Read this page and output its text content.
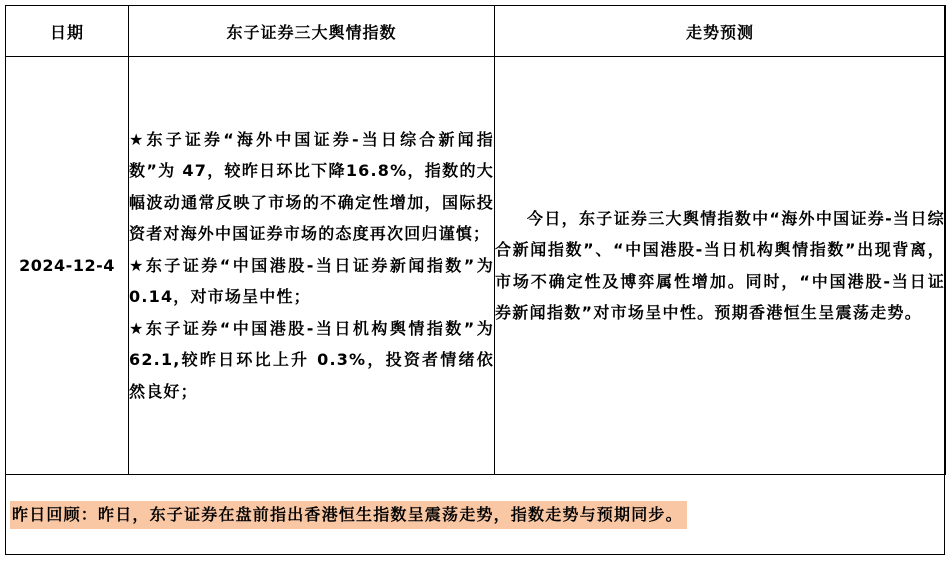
日期	东子证券三大舆情指数	走势预测
2024-12-4	★东子证券“海外中国证券-当日综合新闻指数”为 47，较昨日环比下降16.8%，指数的大幅波动通常反映了市场的不确定性增加，国际投资者对海外中国证券市场的态度再次回归谨慎；

★东子证券“中国港股-当日证券新闻指数”为 0.14，对市场呈中性；

★东子证券“中国港股-当日机构舆情指数”为 62.1,较昨日环比上升 0.3%，投资者情绪依然良好；	今日，东子证券三大舆情指数中“海外中国证券-当日综合新闻指数”、“中国港股-当日机构舆情指数”出现背离，市场不确定性及博弈属性增加。同时，“中国港股-当日证券新闻指数”对市场呈中性。预期香港恒生呈震荡走势。

昨日回顾：昨日，东子证券在盘前指出香港恒生指数呈震荡走势，指数走势与预期同步。
